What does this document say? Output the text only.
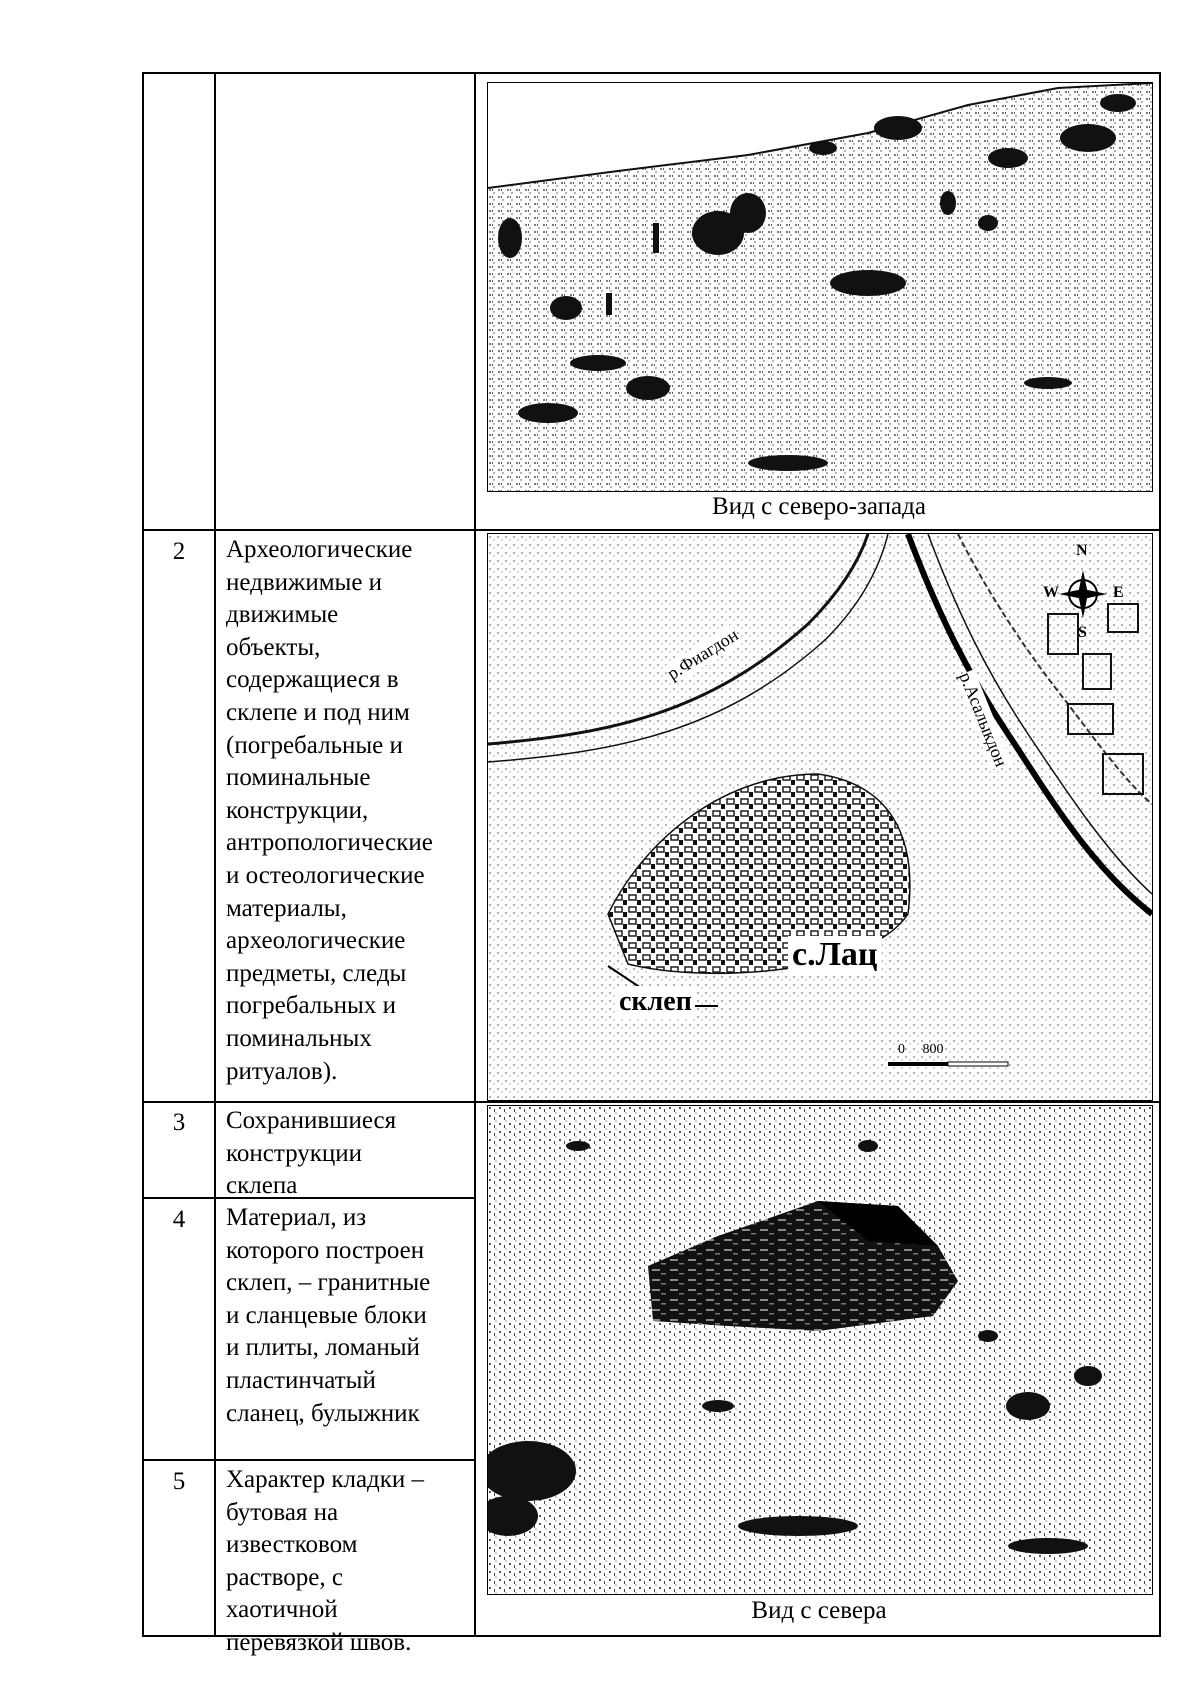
2	Археологические
недвижимые и
движимые
объекты,
содержащиеся в
склепе и под ним
(погребальные и
поминальные
конструкции,
антропологические
и остеологические
материалы,
археологические
предметы, следы
погребальных и
поминальных
ритуалов).
3	Сохранившиеся
конструкции
склепа
4	Материал, из
которого построен
склеп, – гранитные
и сланцевые блоки
и плиты, ломаный
пластинчатый
сланец, булыжник
5	Характер кладки –
бутовая на
известковом
растворе, с
хаотичной
перевязкой швов.
Вид с северо-запада
р.Фиагдон
р.Асалыкдон
с.Лац
склеп
0     800
N
E
S
W
Вид с севера
